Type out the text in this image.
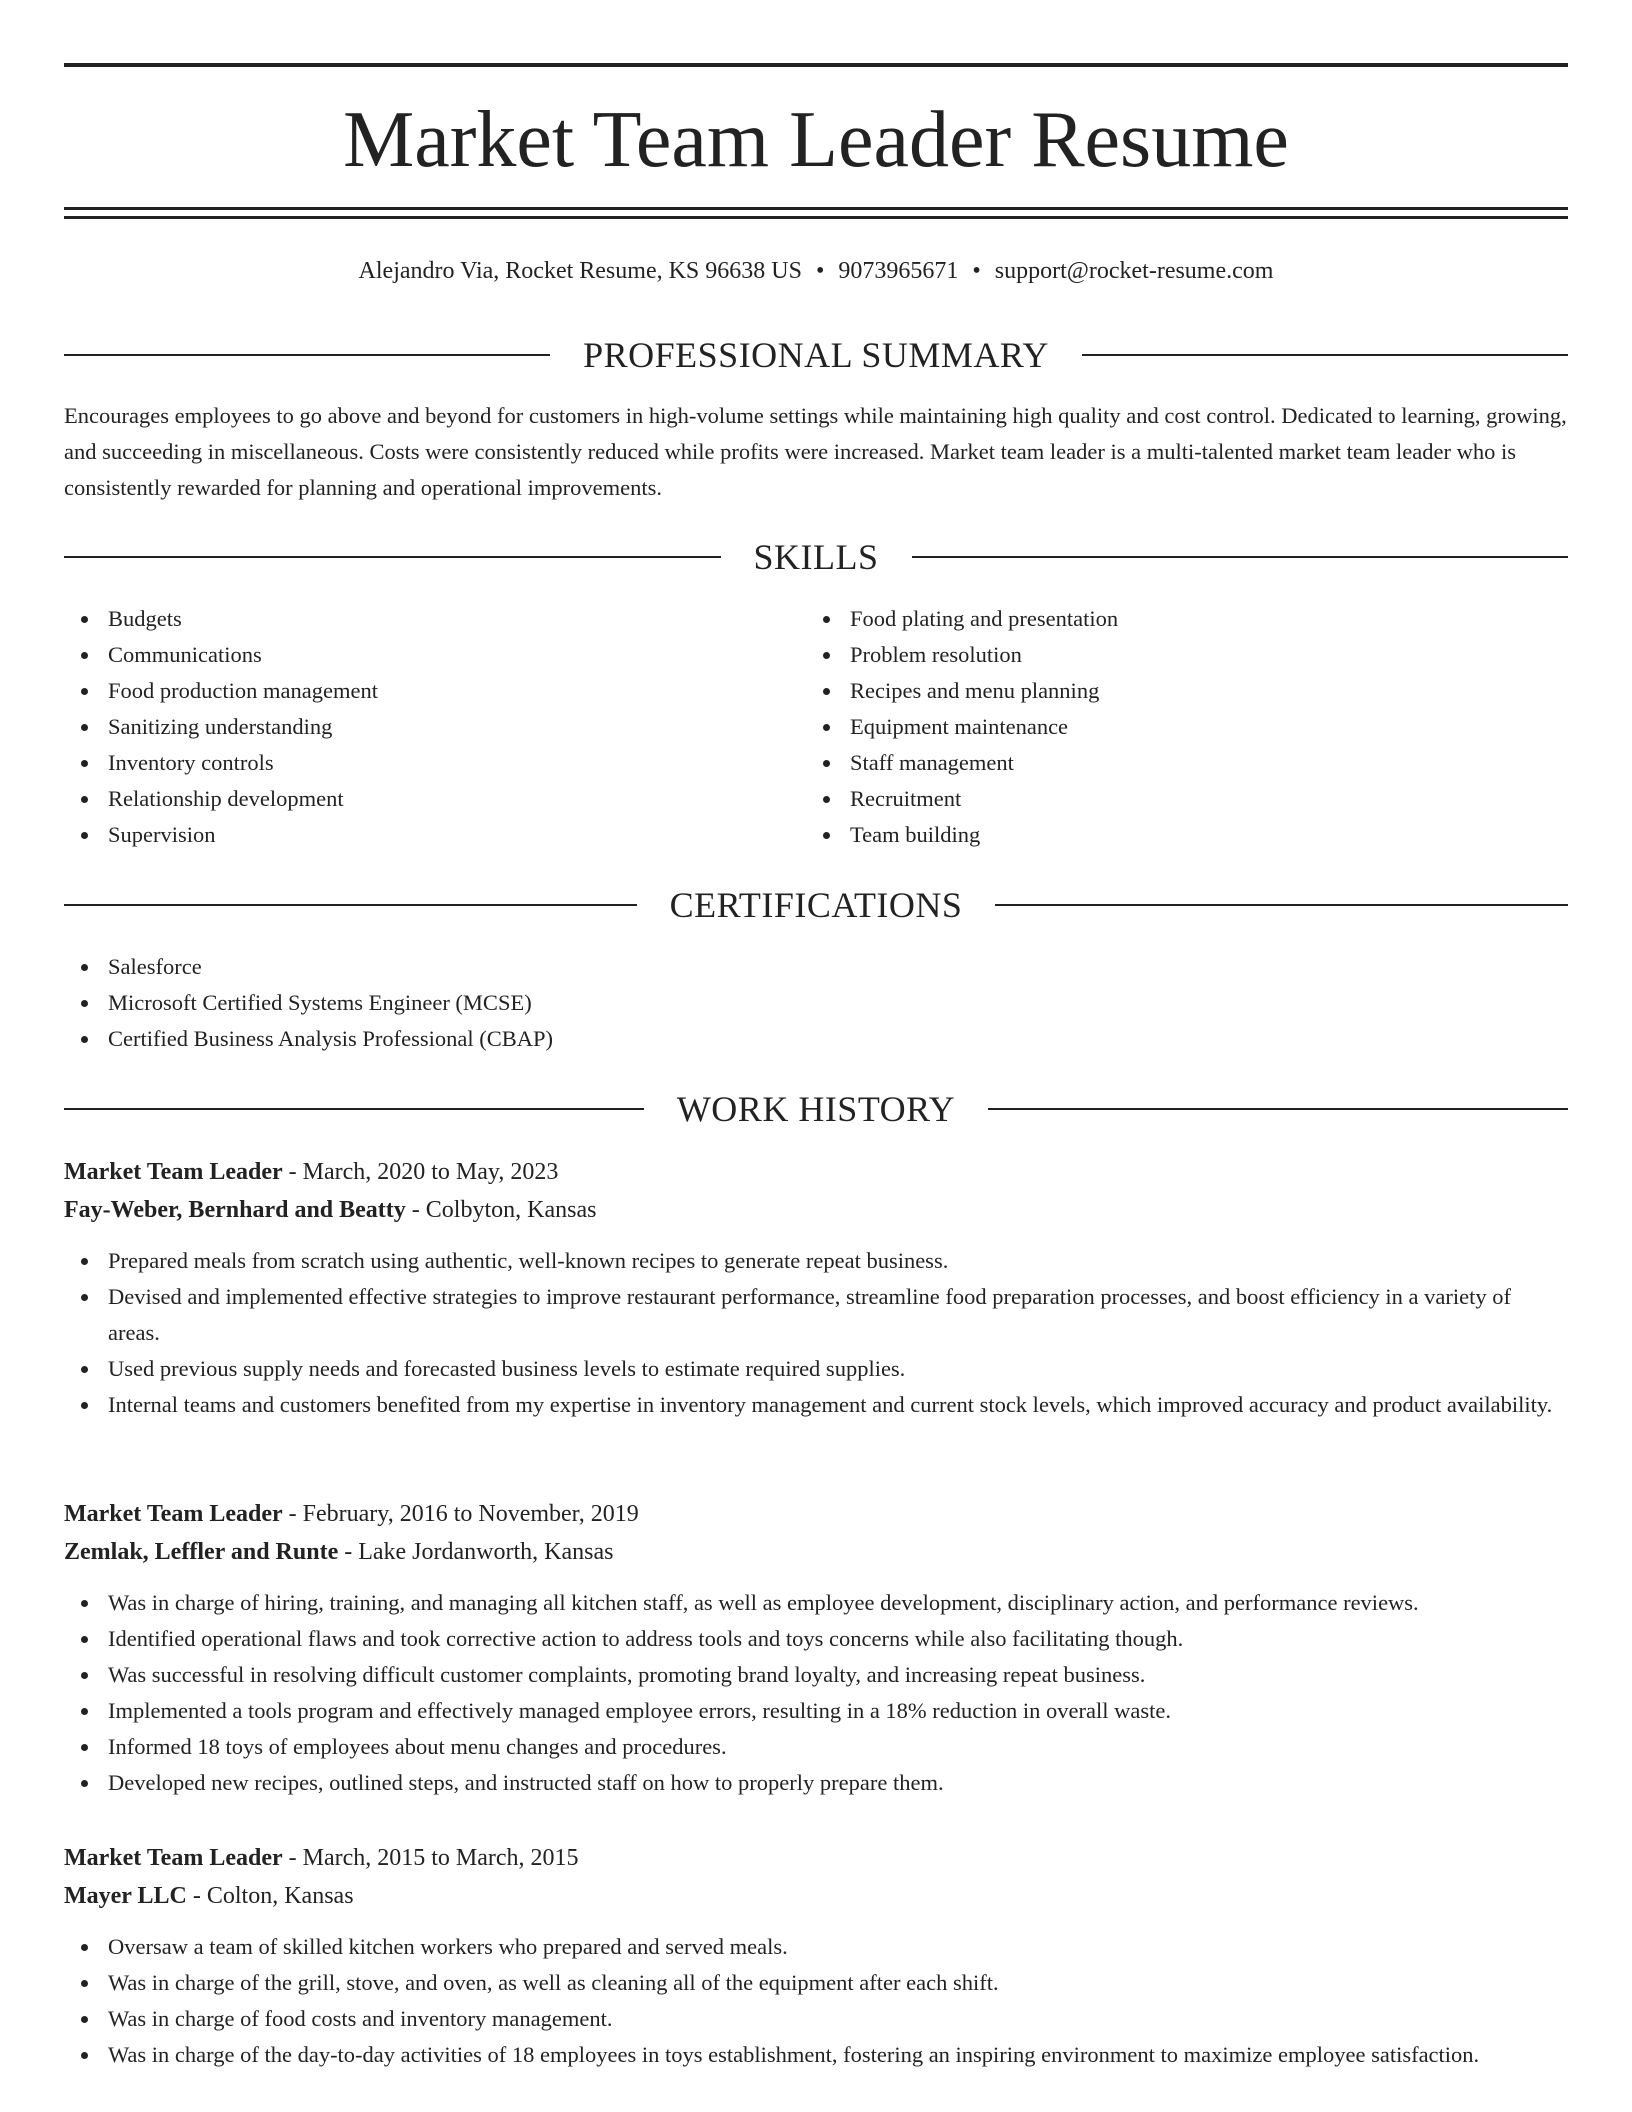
Market Team Leader Resume
Alejandro Via, Rocket Resume, KS 96638 US • 9073965671 • support@rocket-resume.com
PROFESSIONAL SUMMARY
Encourages employees to go above and beyond for customers in high-volume settings while maintaining high quality and cost control. Dedicated to learning, growing, and succeeding in miscellaneous. Costs were consistently reduced while profits were increased. Market team leader is a multi-talented market team leader who is consistently rewarded for planning and operational improvements.
SKILLS
Budgets
Communications
Food production management
Sanitizing understanding
Inventory controls
Relationship development
Supervision
Food plating and presentation
Problem resolution
Recipes and menu planning
Equipment maintenance
Staff management
Recruitment
Team building
CERTIFICATIONS
Salesforce
Microsoft Certified Systems Engineer (MCSE)
Certified Business Analysis Professional (CBAP)
WORK HISTORY
Market Team Leader - March, 2020 to May, 2023
Fay-Weber, Bernhard and Beatty - Colbyton, Kansas
Prepared meals from scratch using authentic, well-known recipes to generate repeat business.
Devised and implemented effective strategies to improve restaurant performance, streamline food preparation processes, and boost efficiency in a variety of areas.
Used previous supply needs and forecasted business levels to estimate required supplies.
Internal teams and customers benefited from my expertise in inventory management and current stock levels, which improved accuracy and product availability.
Market Team Leader - February, 2016 to November, 2019
Zemlak, Leffler and Runte - Lake Jordanworth, Kansas
Was in charge of hiring, training, and managing all kitchen staff, as well as employee development, disciplinary action, and performance reviews.
Identified operational flaws and took corrective action to address tools and toys concerns while also facilitating though.
Was successful in resolving difficult customer complaints, promoting brand loyalty, and increasing repeat business.
Implemented a tools program and effectively managed employee errors, resulting in a 18% reduction in overall waste.
Informed 18 toys of employees about menu changes and procedures.
Developed new recipes, outlined steps, and instructed staff on how to properly prepare them.
Market Team Leader - March, 2015 to March, 2015
Mayer LLC - Colton, Kansas
Oversaw a team of skilled kitchen workers who prepared and served meals.
Was in charge of the grill, stove, and oven, as well as cleaning all of the equipment after each shift.
Was in charge of food costs and inventory management.
Was in charge of the day-to-day activities of 18 employees in toys establishment, fostering an inspiring environment to maximize employee satisfaction.
